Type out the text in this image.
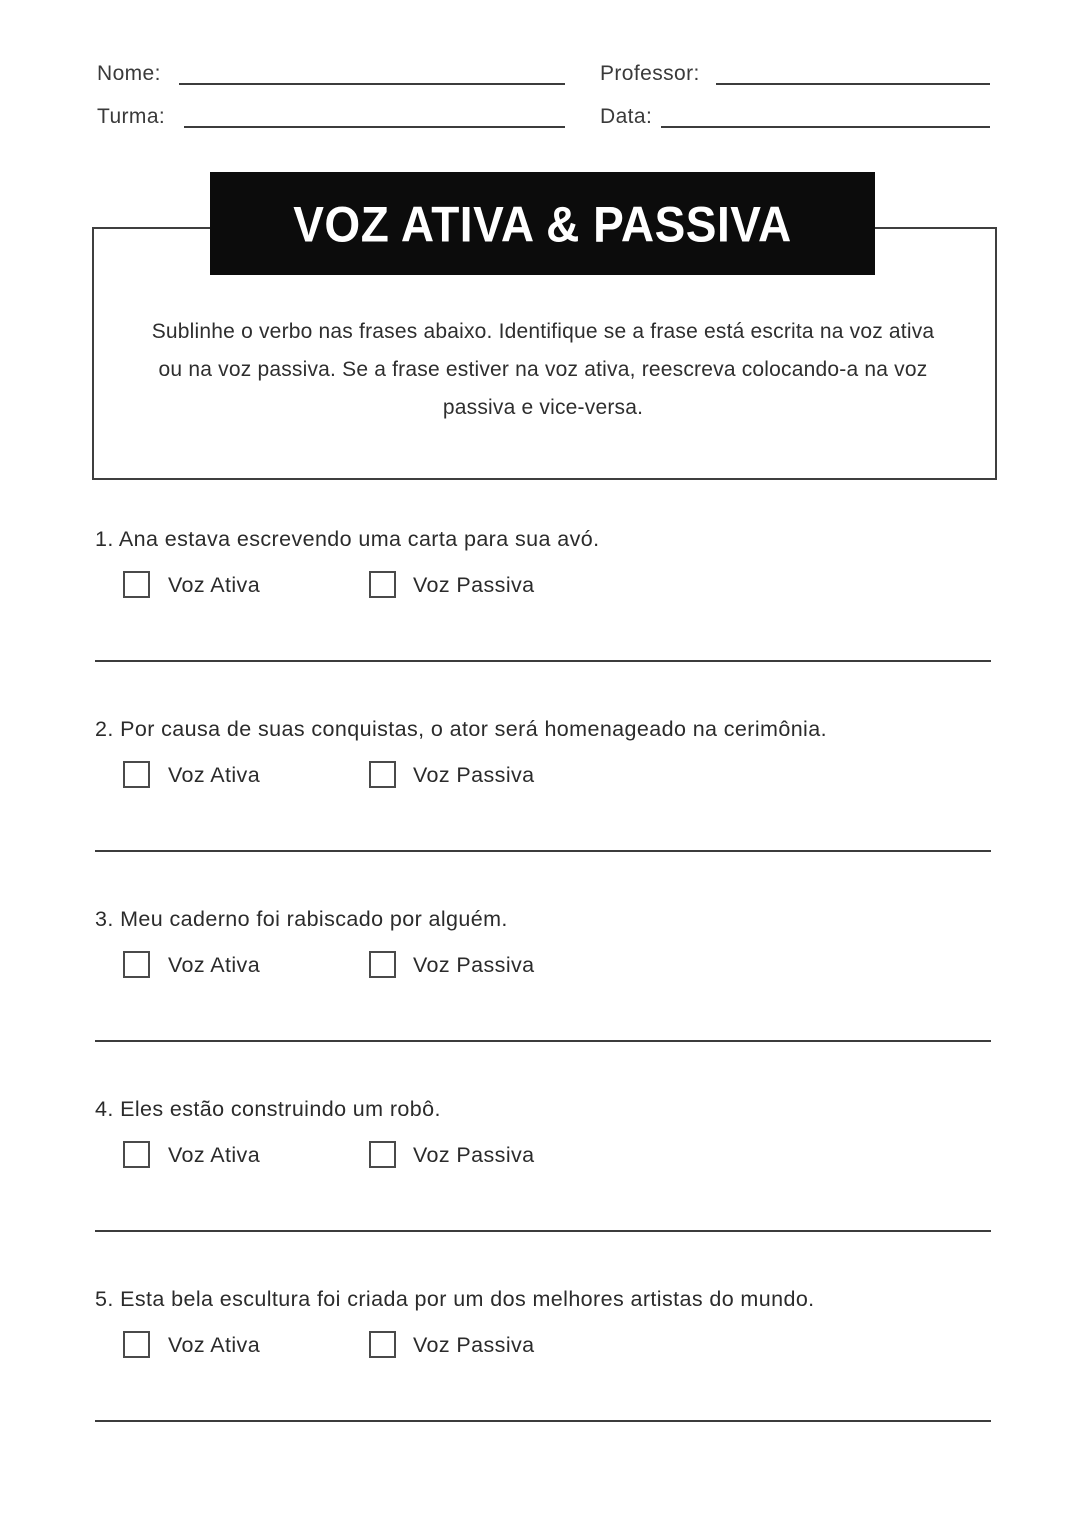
Nome:	Professor:
Turma:	Data:
VOZ ATIVA & PASSIVA

Sublinhe o verbo nas frases abaixo. Identifique se a frase está escrita na voz ativa ou na voz passiva. Se a frase estiver na voz ativa, reescreva colocando-a na voz passiva e vice-versa.

1. Ana estava escrevendo uma carta para sua avó.
Voz Ativa	Voz Passiva
2. Por causa de suas conquistas, o ator será homenageado na cerimônia.
Voz Ativa	Voz Passiva
3. Meu caderno foi rabiscado por alguém.
Voz Ativa	Voz Passiva
4. Eles estão construindo um robô.
Voz Ativa	Voz Passiva
5. Esta bela escultura foi criada por um dos melhores artistas do mundo.
Voz Ativa	Voz Passiva
